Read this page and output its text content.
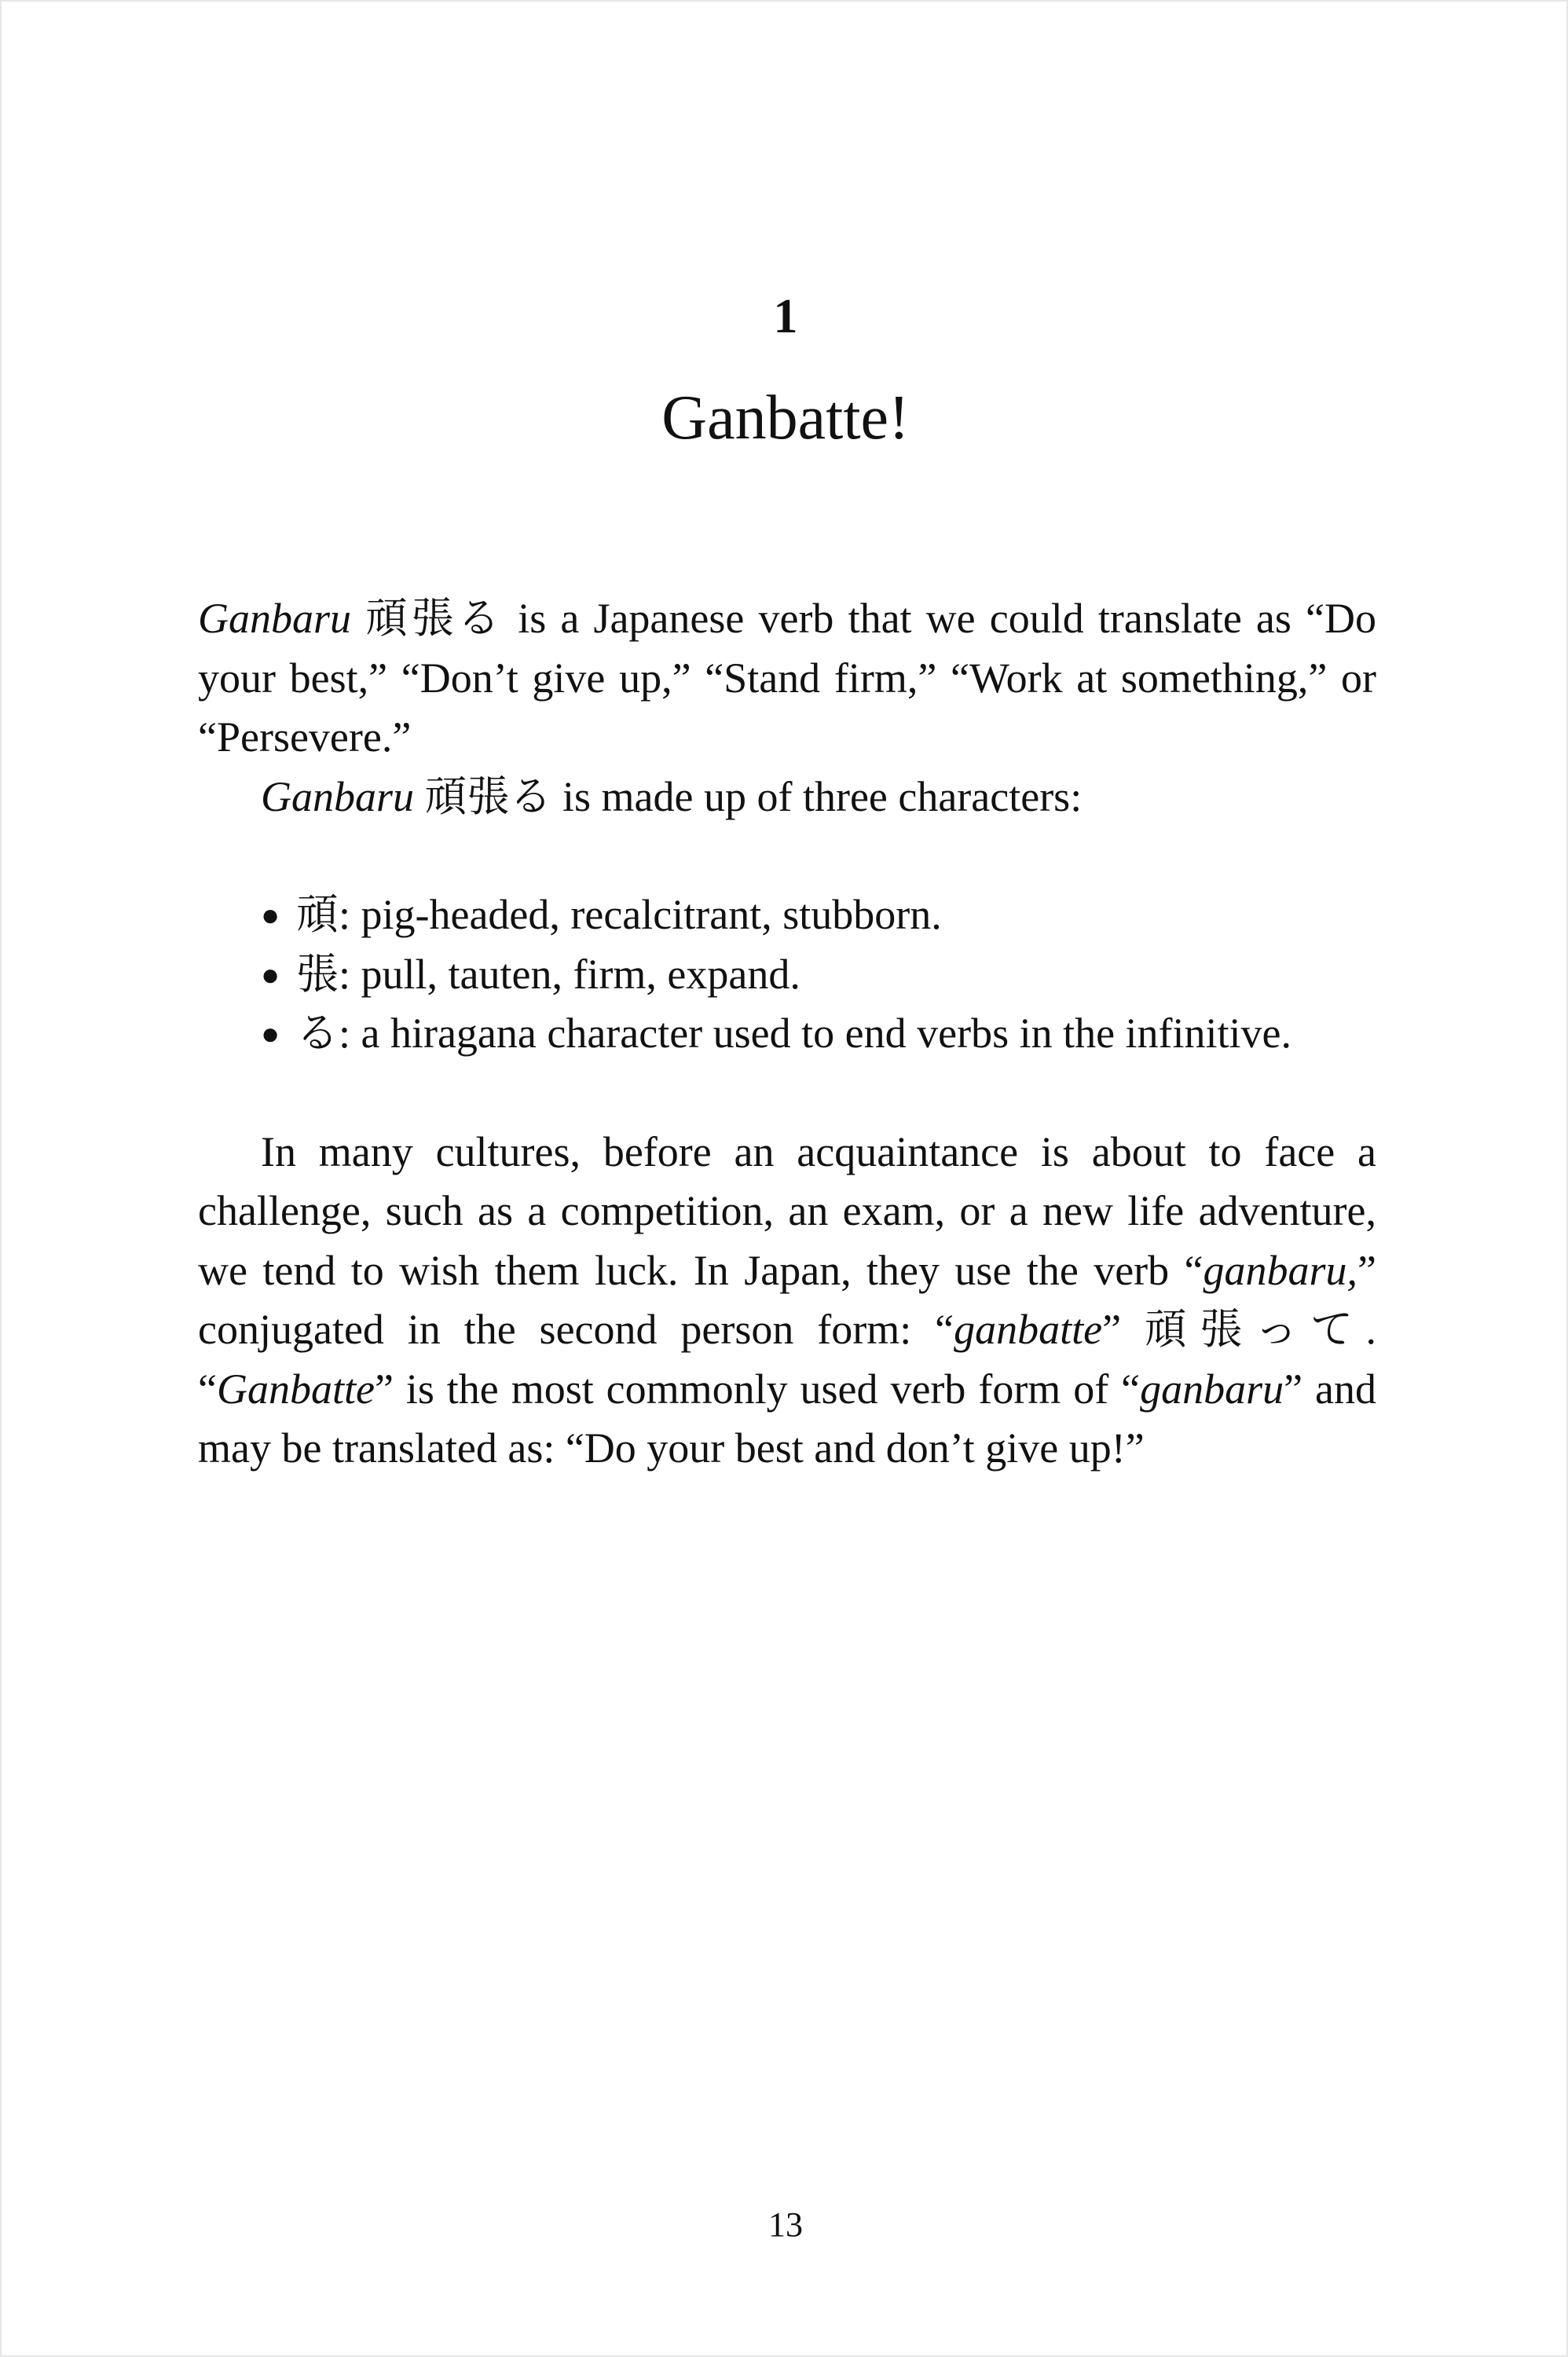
1
Ganbatte!

Ganbaru 頑張る is a Japanese verb that we could translate as “Do your best,” “Don’t give up,” “Stand firm,” “Work at something,” or “Persevere.”

Ganbaru 頑張る is made up of three characters:

● 頑: pig-headed, recalcitrant, stubborn.
● 張: pull, tauten, firm, expand.
● る: a hiragana character used to end verbs in the infinitive.

In many cultures, before an acquaintance is about to face a challenge, such as a competition, an exam, or a new life adventure, we tend to wish them luck. In Japan, they use the verb “ganbaru,” conjugated in the second person form: “ganbatte” 頑張って. “Ganbatte” is the most commonly used verb form of “ganbaru” and may be translated as: “Do your best and don’t give up!”

13
